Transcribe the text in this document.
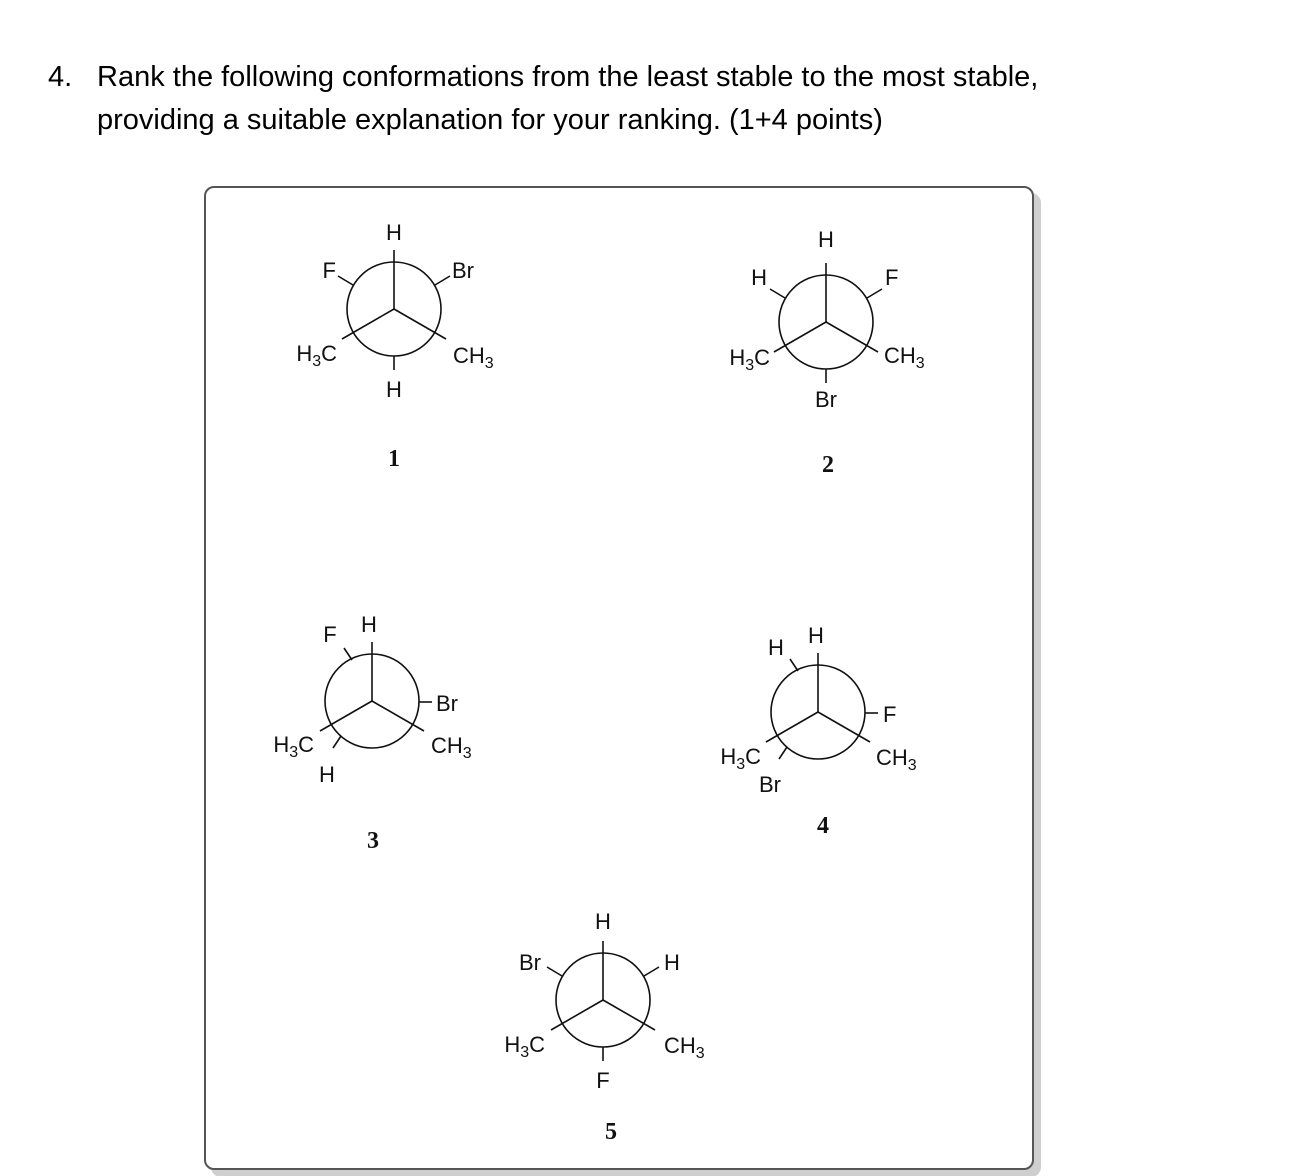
4. Rank the following conformations from the least stable to the most stable,
providing a suitable explanation for your ranking. (1+4 points)
H
$CH_3$
$H_3C$
Br
H
F
1
H
$CH_3$
$H_3C$
F
Br
H
2
H
$CH_3$
$H_3C$
F
Br
H
3
H
$CH_3$
$H_3C$
H
F
Br
4
H
$CH_3$
$H_3C$
H
F
Br
5
